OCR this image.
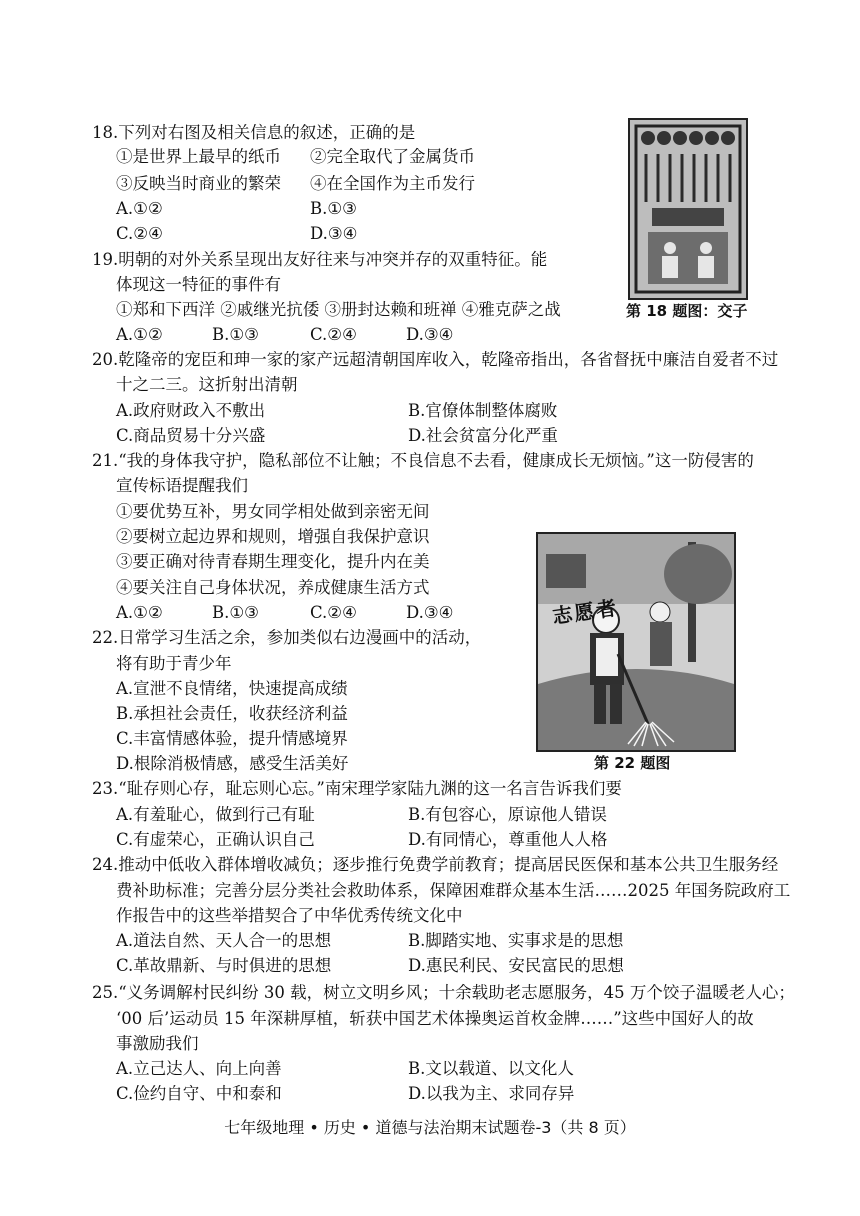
18.下列对右图及相关信息的叙述，正确的是
①是世界上最早的纸币 ②完全取代了金属货币
③反映当时商业的繁荣 ④在全国作为主币发行
A.①②	B.①③
C.②④	D.③④
第 18 题图：交子
19.明朝的对外关系呈现出友好往来与冲突并存的双重特征。能
体现这一特征的事件有
①郑和下西洋 ②戚继光抗倭 ③册封达赖和班禅 ④雅克萨之战
A.①②	B.①③	C.②④	D.③④
20.乾隆帝的宠臣和珅一家的家产远超清朝国库收入，乾隆帝指出，各省督抚中廉洁自爱者不过
十之二三。这折射出清朝
A.政府财政入不敷出	B.官僚体制整体腐败
C.商品贸易十分兴盛	D.社会贫富分化严重
21.“我的身体我守护，隐私部位不让触；不良信息不去看，健康成长无烦恼。”这一防侵害的
宣传标语提醒我们
①要优势互补，男女同学相处做到亲密无间
②要树立起边界和规则，增强自我保护意识
③要正确对待青春期生理变化，提升内在美
④要关注自己身体状况，养成健康生活方式
A.①②	B.①③	C.②④	D.③④
22.日常学习生活之余，参加类似右边漫画中的活动，
将有助于青少年
A.宣泄不良情绪，快速提高成绩
B.承担社会责任，收获经济利益
C.丰富情感体验，提升情感境界
D.根除消极情感，感受生活美好
志愿者
第 22 题图
23.“耻存则心存，耻忘则心忘。”南宋理学家陆九渊的这一名言告诉我们要
A.有羞耻心，做到行己有耻	B.有包容心，原谅他人错误
C.有虚荣心，正确认识自己	D.有同情心，尊重他人人格
24.推动中低收入群体增收减负；逐步推行免费学前教育；提高居民医保和基本公共卫生服务经
费补助标准；完善分层分类社会救助体系，保障困难群众基本生活……2025 年国务院政府工
作报告中的这些举措契合了中华优秀传统文化中
A.道法自然、天人合一的思想	B.脚踏实地、实事求是的思想
C.革故鼎新、与时俱进的思想	D.惠民利民、安民富民的思想
25.“义务调解村民纠纷 30 载，树立文明乡风；十余载助老志愿服务，45 万个饺子温暖老人心；
‘00 后’运动员 15 年深耕厚植，斩获中国艺术体操奥运首枚金牌……”这些中国好人的故
事激励我们
A.立己达人、向上向善	B.文以载道、以文化人
C.俭约自守、中和泰和	D.以我为主、求同存异
七年级地理 • 历史 • 道德与法治期末试题卷-3（共 8 页）
